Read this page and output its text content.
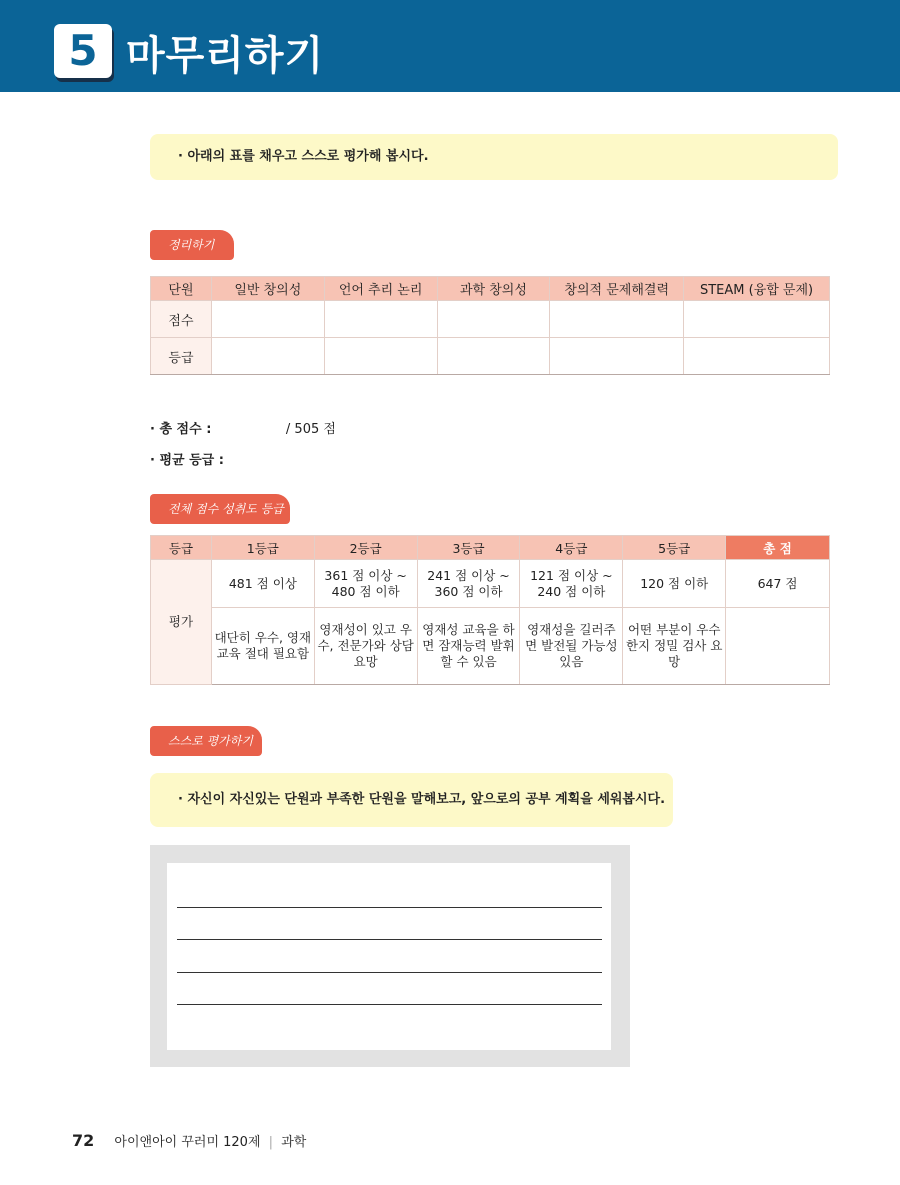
5 마무리하기
· 아래의 표를 채우고 스스로 평가해 봅시다.
정리하기
단원	일반 창의성	언어 추리 논리	과학 창의성	창의적 문제해결력	STEAM (융합 문제)
점수					
등급					
· 총 점수 :	/ 505 점
· 평균 등급 :
전체 점수 성취도 등급
등급	1등급	2등급	3등급	4등급	5등급	총 점
평가	481 점 이상	361 점 이상 ~ 480 점 이하	241 점 이상 ~ 360 점 이하	121 점 이상 ~ 240 점 이하	120 점 이하	647 점
	대단히 우수, 영재교육 절대 필요함	영재성이 있고 우수, 전문가와 상담 요망	영재성 교육을 하면 잠재능력 발휘할 수 있음	영재성을 길러주면 발전될 가능성 있음	어떤 부분이 우수한지 정밀 검사 요망	
스스로 평가하기
· 자신이 자신있는 단원과 부족한 단원을 말해보고, 앞으로의 공부 계획을 세워봅시다.
72 아이앤아이 꾸러미 120제 | 과학
